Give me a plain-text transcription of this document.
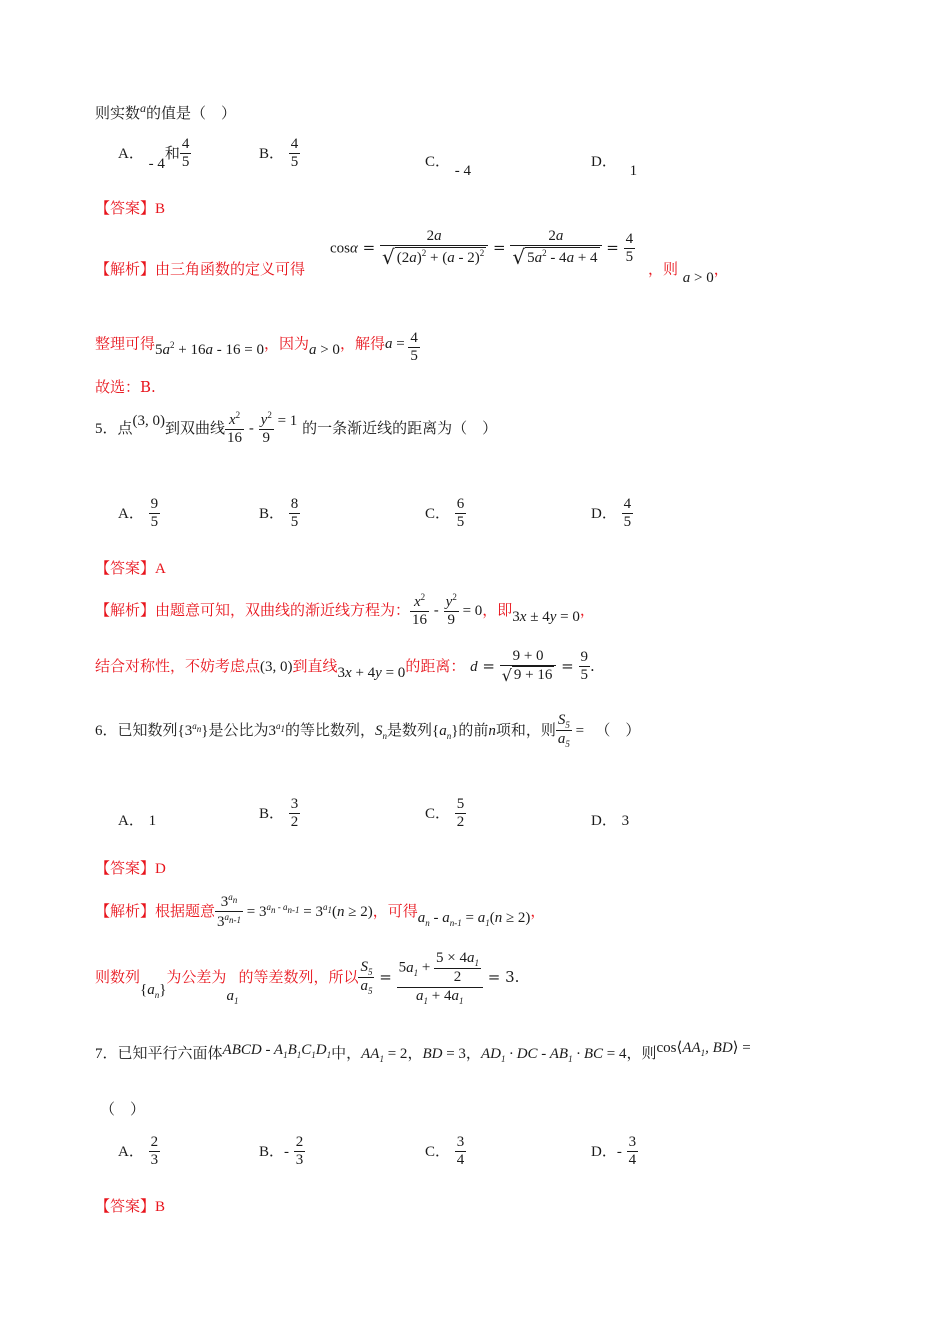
则实数$^a$的值是（　）
A． - 4和 $\frac{4}{5}$	B． $\frac{4}{5}$	C． - 4
D． 1
【答案】B
【解析】由三角函数的定义可得
$\cos\alpha = \frac{2a}{√ (2a)^2 + (a - 2)^2} = \frac{2a}{√ 5a^2 - 4a + 4} = \frac{4}{5}$
，则 a > 0，
整理可得$5a^2 + 16a - 16 = 0$，因为a > 0，解得$a = \frac{4}{5}$
故选：B.
5．点(3, 0)到双曲线 $\frac{x^2}{16} - \frac{y^2}{9} = 1$ 的一条渐近线的距离为（　）
A． $\frac{9}{5}$	B． $\frac{8}{5}$	C． $\frac{6}{5}$	D． $\frac{4}{5}$
【答案】A
【解析】由题意可知，双曲线的渐近线方程为： $\frac{x^2}{16} - \frac{y^2}{9} = 0$，即3x ± 4y = 0，
结合对称性，不妨考虑点(3, 0)到直线3x + 4y = 0的距离： $d = \frac{9 + 0}{√ 9 + 16} = \frac{9}{5}$ .
6．已知数列$\{3^{a_n}\}$是公比为$3^{a_1}$的等比数列，$S_n$是数列$\{a_n\}$的前n项和，则 $\frac{S_5}{a_5}$ = 　（　）
A． 1	B． $\frac{3}{2}$	C． $\frac{5}{2}$	D． 3
【答案】D
【解析】根据题意 $\frac{3^{a_n}}{3^{a_{n-1}}} = 3^{a_n - a_{n-1}} = 3^{a_1}(n \ge 2)$，可得$a_n - a_{n-1} = a_1(n \ge 2)$，
则数列$\{a_n\}$为公差为$a_1$的等差数列，所以 $\frac{S_5}{a_5} = \frac{5a_1 + \frac{5 \times 4a_1}{2}}{a_1 + 4a_1} = 3$.
7．已知平行六面体ABCD - $A_1B_1C_1D_1$中，$AA_1 = 2$，BD = 3，$AD_1$ · DC - $AB_1$ · BC = 4，则$\cos⟨AA_1$, BD⟩ =
（　）
A． $\frac{2}{3}$	B．- $\frac{2}{3}$	C． $\frac{3}{4}$	D．- $\frac{3}{4}$
【答案】B
